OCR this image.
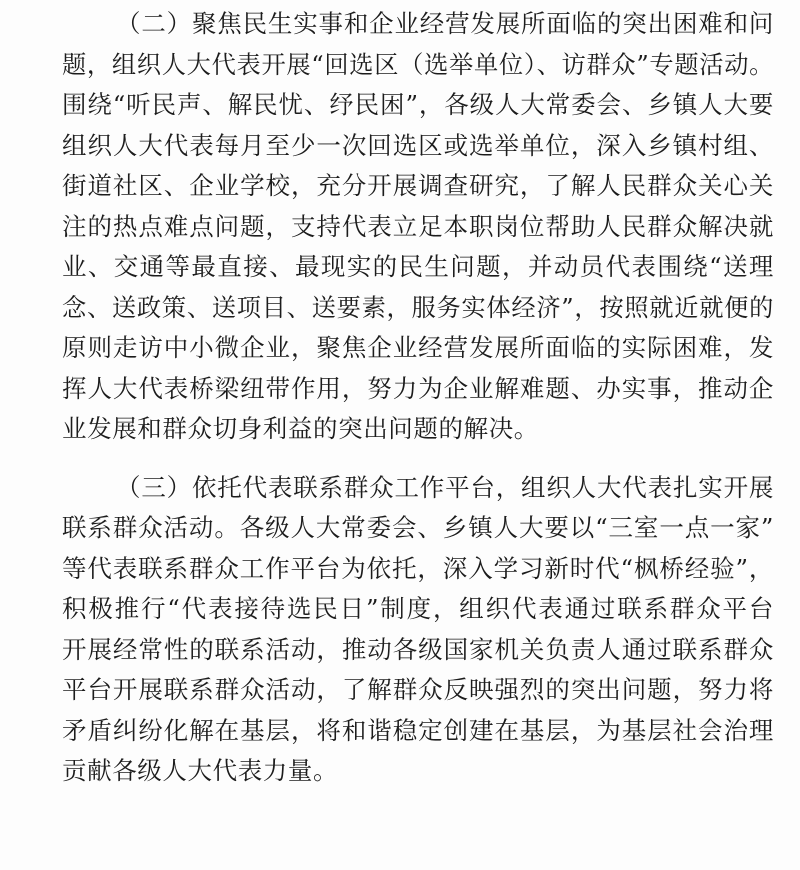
（二）聚焦民生实事和企业经营发展所面临的突出困难和问
题，组织人大代表开展“回选区（选举单位）、访群众”专题活动。
围绕“听民声、解民忧、纾民困”，各级人大常委会、乡镇人大要
组织人大代表每月至少一次回选区或选举单位，深入乡镇村组、
街道社区、企业学校，充分开展调查研究，了解人民群众关心关
注的热点难点问题，支持代表立足本职岗位帮助人民群众解决就
业、交通等最直接、最现实的民生问题，并动员代表围绕“送理
念、送政策、送项目、送要素，服务实体经济”，按照就近就便的
原则走访中小微企业，聚焦企业经营发展所面临的实际困难，发
挥人大代表桥梁纽带作用，努力为企业解难题、办实事，推动企
业发展和群众切身利益的突出问题的解决。

（三）依托代表联系群众工作平台，组织人大代表扎实开展
联系群众活动。各级人大常委会、乡镇人大要以“三室一点一家”
等代表联系群众工作平台为依托，深入学习新时代“枫桥经验”，
积极推行“代表接待选民日”制度，组织代表通过联系群众平台
开展经常性的联系活动，推动各级国家机关负责人通过联系群众
平台开展联系群众活动，了解群众反映强烈的突出问题，努力将
矛盾纠纷化解在基层，将和谐稳定创建在基层，为基层社会治理
贡献各级人大代表力量。
